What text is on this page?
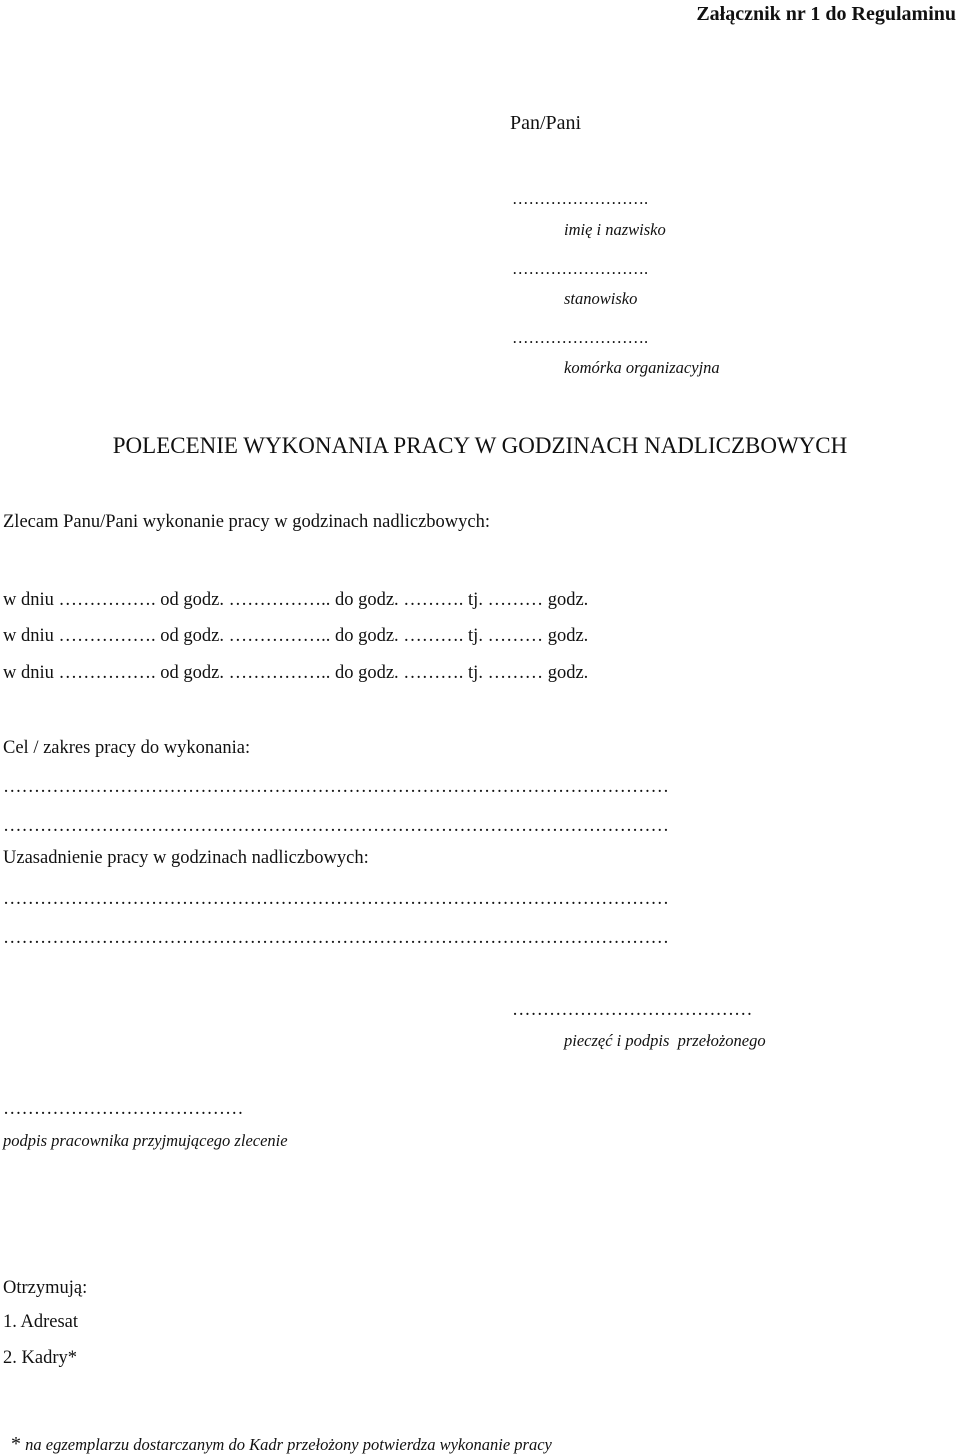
Załącznik nr 1 do Regulaminu
Pan/Pani
…………………….
imię i nazwisko
…………………….
stanowisko
…………………….
komórka organizacyjna
POLECENIE WYKONANIA PRACY W GODZINACH NADLICZBOWYCH
Zlecam Panu/Pani wykonanie pracy w godzinach nadliczbowych:
w dniu ……………. od godz. …………….. do godz. ………. tj. ……… godz.
w dniu ……………. od godz. …………….. do godz. ………. tj. ……… godz.
w dniu ……………. od godz. …………….. do godz. ………. tj. ……… godz.
Cel / zakres pracy do wykonania:
………………………………………………………………………………………………
………………………………………………………………………………………………
Uzasadnienie pracy w godzinach nadliczbowych:
………………………………………………………………………………………………
………………………………………………………………………………………………
…………………………………
pieczęć i podpis  przełożonego
…………………………………
podpis pracownika przyjmującego zlecenie
Otrzymują:
1. Adresat
2. Kadry*

* na egzemplarzu dostarczanym do Kadr przełożony potwierdza wykonanie pracy
